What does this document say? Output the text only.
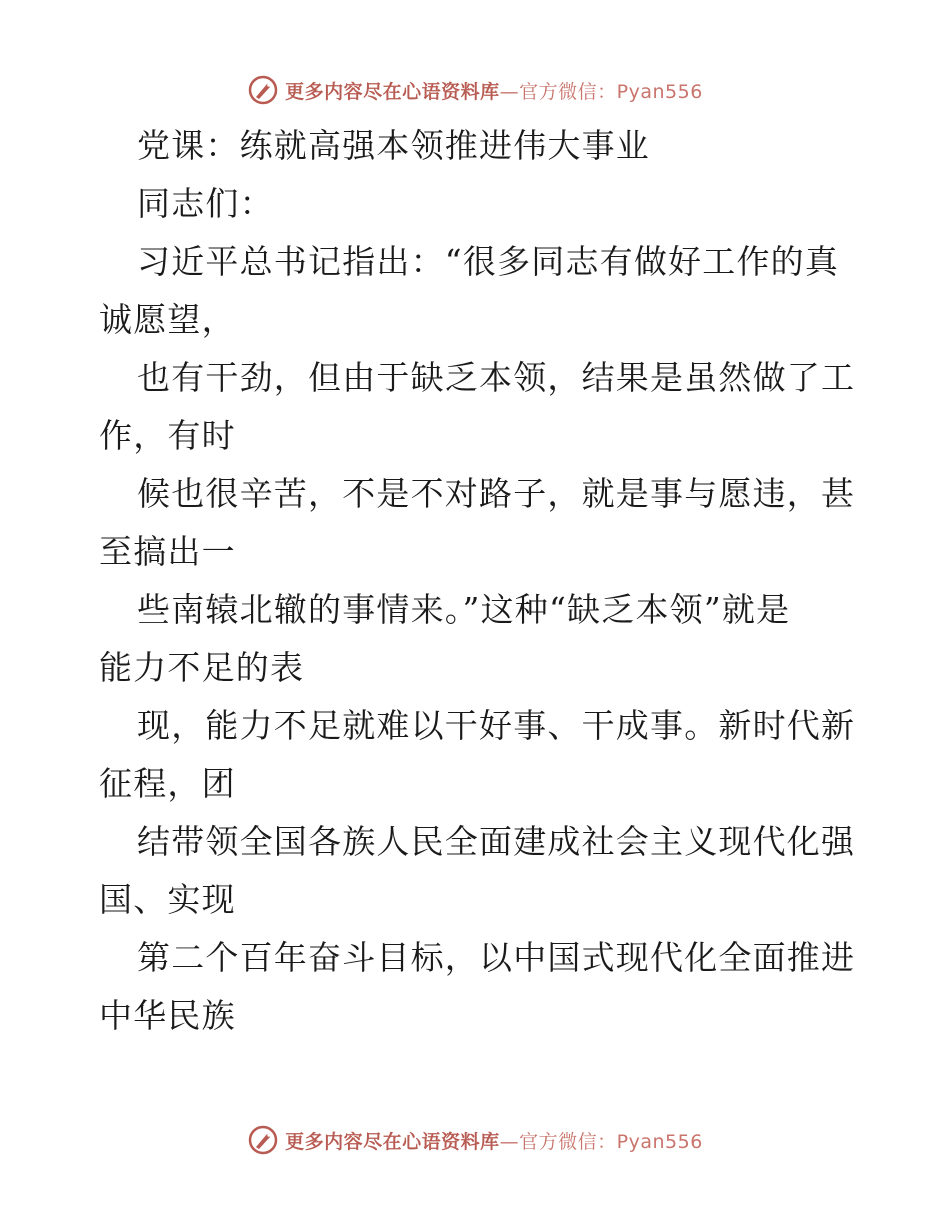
更多内容尽在心语资料库—官方微信：Pyan556
党课：练就高强本领推进伟大事业
同志们：
习近平总书记指出：“很多同志有做好工作的真
诚愿望，
也有干劲，但由于缺乏本领，结果是虽然做了工
作，有时
候也很辛苦，不是不对路子，就是事与愿违，甚
至搞出一
些南辕北辙的事情来。”这种“缺乏本领”就是
能力不足的表
现，能力不足就难以干好事、干成事。新时代新
征程，团
结带领全国各族人民全面建成社会主义现代化强
国、实现
第二个百年奋斗目标，以中国式现代化全面推进
中华民族
更多内容尽在心语资料库—官方微信：Pyan556
